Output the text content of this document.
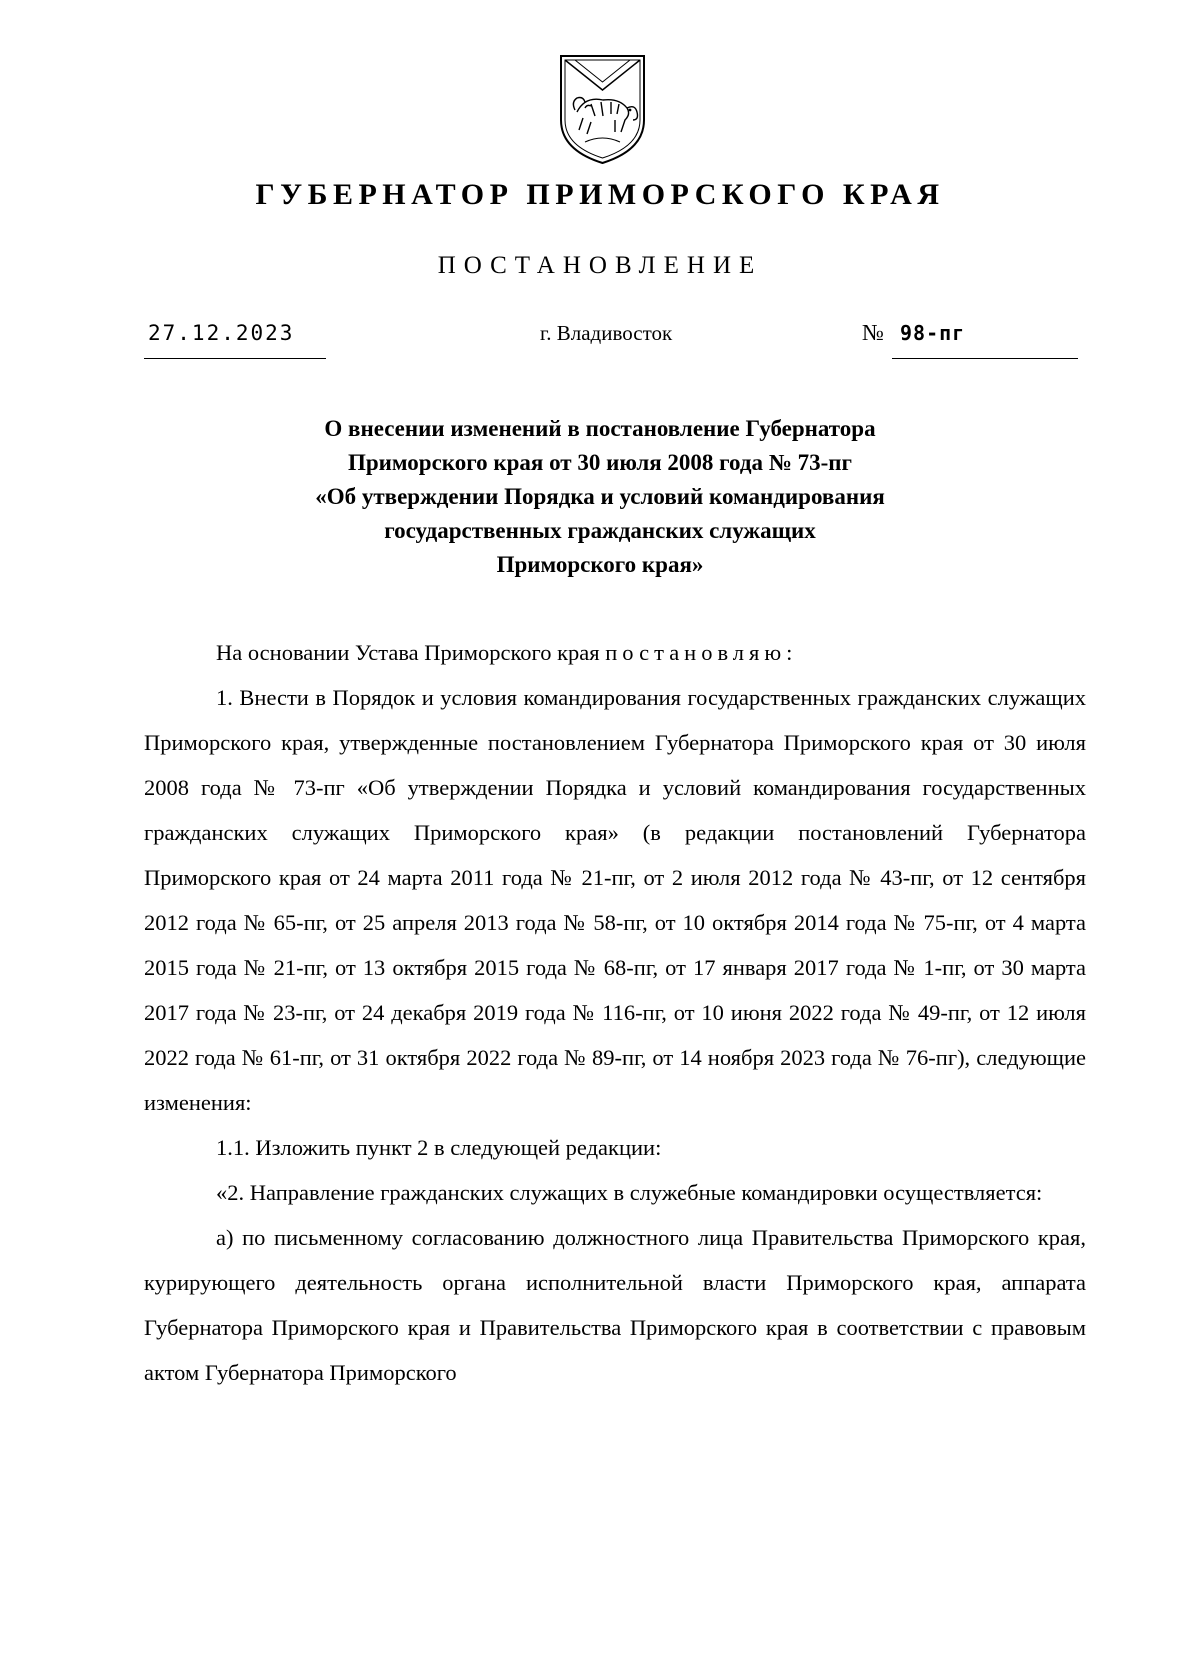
ГУБЕРНАТОР ПРИМОРСКОГО КРАЯ
ПОСТАНОВЛЕНИЕ
27.12.2023	г. Владивосток	№ 98-пг
О внесении изменений в постановление Губернатора
Приморского края от 30 июля 2008 года № 73-пг
«Об утверждении Порядка и условий командирования
государственных гражданских служащих
Приморского края»

На основании Устава Приморского края постановляю:

1. Внести в Порядок и условия командирования государственных гражданских служащих Приморского края, утвержденные постановлением Губернатора Приморского края от 30 июля 2008 года № 73-пг «Об утверждении Порядка и условий командирования государственных гражданских служащих Приморского края» (в редакции постановлений Губернатора Приморского края от 24 марта 2011 года № 21-пг, от 2 июля 2012 года № 43-пг, от 12 сентября 2012 года № 65-пг, от 25 апреля 2013 года № 58-пг, от 10 октября 2014 года № 75-пг, от 4 марта 2015 года № 21-пг, от 13 октября 2015 года № 68-пг, от 17 января 2017 года № 1-пг, от 30 марта 2017 года № 23-пг, от 24 декабря 2019 года № 116-пг, от 10 июня 2022 года № 49-пг, от 12 июля 2022 года № 61-пг, от 31 октября 2022 года № 89-пг, от 14 ноября 2023 года № 76-пг), следующие изменения:

1.1. Изложить пункт 2 в следующей редакции:

«2. Направление гражданских служащих в служебные командировки осуществляется:

а) по письменному согласованию должностного лица Правительства Приморского края, курирующего деятельность органа исполнительной власти Приморского края, аппарата Губернатора Приморского края и Правительства Приморского края в соответствии с правовым актом Губернатора Приморского
